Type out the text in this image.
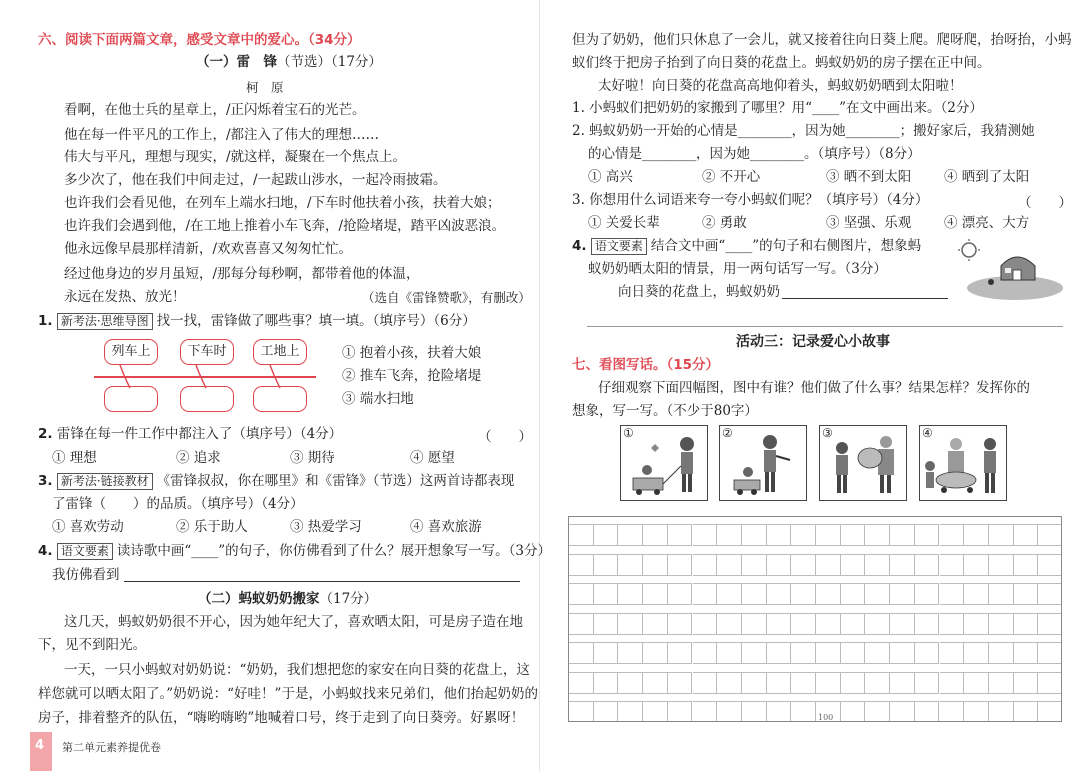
六、阅读下面两篇文章，感受文章中的爱心。（34分）
（一）雷　锋（节选）（17分）
柯　原
看啊，在他士兵的星章上，/正闪烁着宝石的光芒。
他在每一件平凡的工作上，/都注入了伟大的理想……
伟大与平凡，理想与现实，/就这样，凝聚在一个焦点上。
多少次了，他在我们中间走过，/一起跋山涉水，一起冷雨披霜。
也许我们会看见他，在列车上端水扫地，/下车时他扶着小孩，扶着大娘；
也许我们会遇到他，/在工地上推着小车飞奔，/抢险堵堤，踏平凶波恶浪。
他永远像早晨那样清新，/欢欢喜喜又匆匆忙忙。
经过他身边的岁月虽短，/那每分每秒啊，都带着他的体温，
永远在发热、放光！	（选自《雷锋赞歌》，有删改）
1. 新考法·思维导图 找一找，雷锋做了哪些事？填一填。（填序号）（6分）
列车上	下车时	工地上	① 抱着小孩，扶着大娘
② 推车飞奔，抢险堵堤
③ 端水扫地
2. 雷锋在每一件工作中都注入了（填序号）（4分）	（　　）
① 理想	② 追求	③ 期待	④ 愿望
3. 新考法·链接教材 《雷锋叔叔，你在哪里》和《雷锋》（节选）这两首诗都表现
了雷锋（　　）的品质。（填序号）（4分）
① 喜欢劳动	② 乐于助人	③ 热爱学习	④ 喜欢旅游
4. 语文要素 读诗歌中画“____”的句子，你仿佛看到了什么？展开想象写一写。（3分）
我仿佛看到
（二）蚂蚁奶奶搬家（17分）
这几天，蚂蚁奶奶很不开心，因为她年纪大了，喜欢晒太阳，可是房子造在地
下，见不到阳光。
一天，一只小蚂蚁对奶奶说：“奶奶，我们想把您的家安在向日葵的花盘上，这
样您就可以晒太阳了。”奶奶说：“好哇！”于是，小蚂蚁找来兄弟们，他们抬起奶奶的
房子，排着整齐的队伍，“嗨哟嗨哟”地喊着口号，终于走到了向日葵旁。好累呀！
4 第二单元素养提优卷
但为了奶奶，他们只休息了一会儿，就又接着往向日葵上爬。爬呀爬，抬呀抬，小蚂
蚁们终于把房子抬到了向日葵的花盘上。蚂蚁奶奶的房子摆在正中间。
太好啦！向日葵的花盘高高地仰着头，蚂蚁奶奶晒到太阳啦！
1. 小蚂蚁们把奶奶的家搬到了哪里？用“____”在文中画出来。（2分）
2. 蚂蚁奶奶一开始的心情是________，因为她________；搬好家后，我猜测她
的心情是________，因为她________。（填序号）（8分）
① 高兴	② 不开心	③ 晒不到太阳 ④ 晒到了太阳
3. 你想用什么词语来夸一夸小蚂蚁们呢？（填序号）（4分）	（　　）
① 关爱长辈	② 勇敢	③ 坚强、乐观 ④ 漂亮、大方
4. 语文要素 结合文中画“____”的句子和右侧图片，想象蚂
蚁奶奶晒太阳的情景，用一两句话写一写。（3分）
向日葵的花盘上，蚂蚁奶奶
活动三：记录爱心小故事
七、看图写话。（15分）
仔细观察下面四幅图，图中有谁？他们做了什么事？结果怎样？发挥你的
想象，写一写。（不少于80字）
①	②	③	④
100
